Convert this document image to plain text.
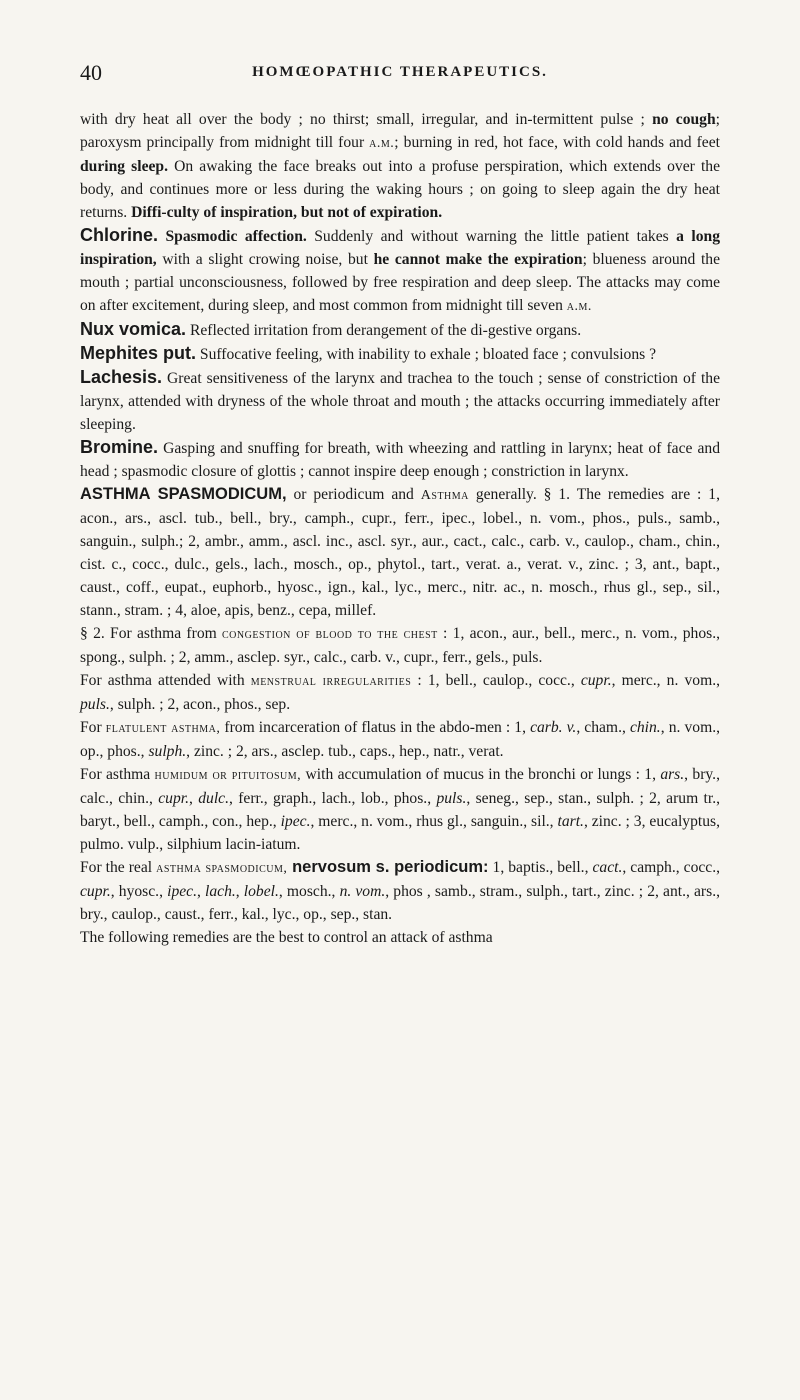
40	HOMŒOPATHIC THERAPEUTICS.

with dry heat all over the body ; no thirst; small, irregular, and in-termittent pulse ; no cough; paroxysm principally from midnight till four a.m.; burning in red, hot face, with cold hands and feet during sleep. On awaking the face breaks out into a profuse perspiration, which extends over the body, and continues more or less during the waking hours ; on going to sleep again the dry heat returns. Diffi-culty of inspiration, but not of expiration.

Chlorine. Spasmodic affection. Suddenly and without warning the little patient takes a long inspiration, with a slight crowing noise, but he cannot make the expiration; blueness around the mouth ; partial unconsciousness, followed by free respiration and deep sleep. The attacks may come on after excitement, during sleep, and most common from midnight till seven a.m.

Nux vomica. Reflected irritation from derangement of the di-gestive organs.

Mephites put. Suffocative feeling, with inability to exhale ; bloated face ; convulsions ?

Lachesis. Great sensitiveness of the larynx and trachea to the touch ; sense of constriction of the larynx, attended with dryness of the whole throat and mouth ; the attacks occurring immediately after sleeping.

Bromine. Gasping and snuffing for breath, with wheezing and rattling in larynx; heat of face and head ; spasmodic closure of glottis ; cannot inspire deep enough ; constriction in larynx.

ASTHMA SPASMODICUM, or periodicum and Asthma generally. § 1. The remedies are : 1, acon., ars., ascl. tub., bell., bry., camph., cupr., ferr., ipec., lobel., n. vom., phos., puls., samb., sanguin., sulph.; 2, ambr., amm., ascl. inc., ascl. syr., aur., cact., calc., carb. v., caulop., cham., chin., cist. c., cocc., dulc., gels., lach., mosch., op., phytol., tart., verat. a., verat. v., zinc. ; 3, ant., bapt., caust., coff., eupat., euphorb., hyosc., ign., kal., lyc., merc., nitr. ac., n. mosch., rhus gl., sep., sil., stann., stram. ; 4, aloe, apis, benz., cepa, millef.

§ 2. For asthma from congestion of blood to the chest : 1, acon., aur., bell., merc., n. vom., phos., spong., sulph. ; 2, amm., asclep. syr., calc., carb. v., cupr., ferr., gels., puls.

For asthma attended with menstrual irregularities : 1, bell., caulop., cocc., cupr., merc., n. vom., puls., sulph. ; 2, acon., phos., sep.

For flatulent asthma, from incarceration of flatus in the abdo-men : 1, carb. v., cham., chin., n. vom., op., phos., sulph., zinc. ; 2, ars., asclep. tub., caps., hep., natr., verat.

For asthma humidum or pituitosum, with accumulation of mucus in the bronchi or lungs : 1, ars., bry., calc., chin., cupr., dulc., ferr., graph., lach., lob., phos., puls., seneg., sep., stan., sulph. ; 2, arum tr., baryt., bell., camph., con., hep., ipec., merc., n. vom., rhus gl., sanguin., sil., tart., zinc. ; 3, eucalyptus, pulmo. vulp., silphium lacin-iatum.

For the real asthma spasmodicum, nervosum s. periodicum: 1, baptis., bell., cact., camph., cocc., cupr., hyosc., ipec., lach., lobel., mosch., n. vom., phos , samb., stram., sulph., tart., zinc. ; 2, ant., ars., bry., caulop., caust., ferr., kal., lyc., op., sep., stan.

The following remedies are the best to control an attack of asthma
